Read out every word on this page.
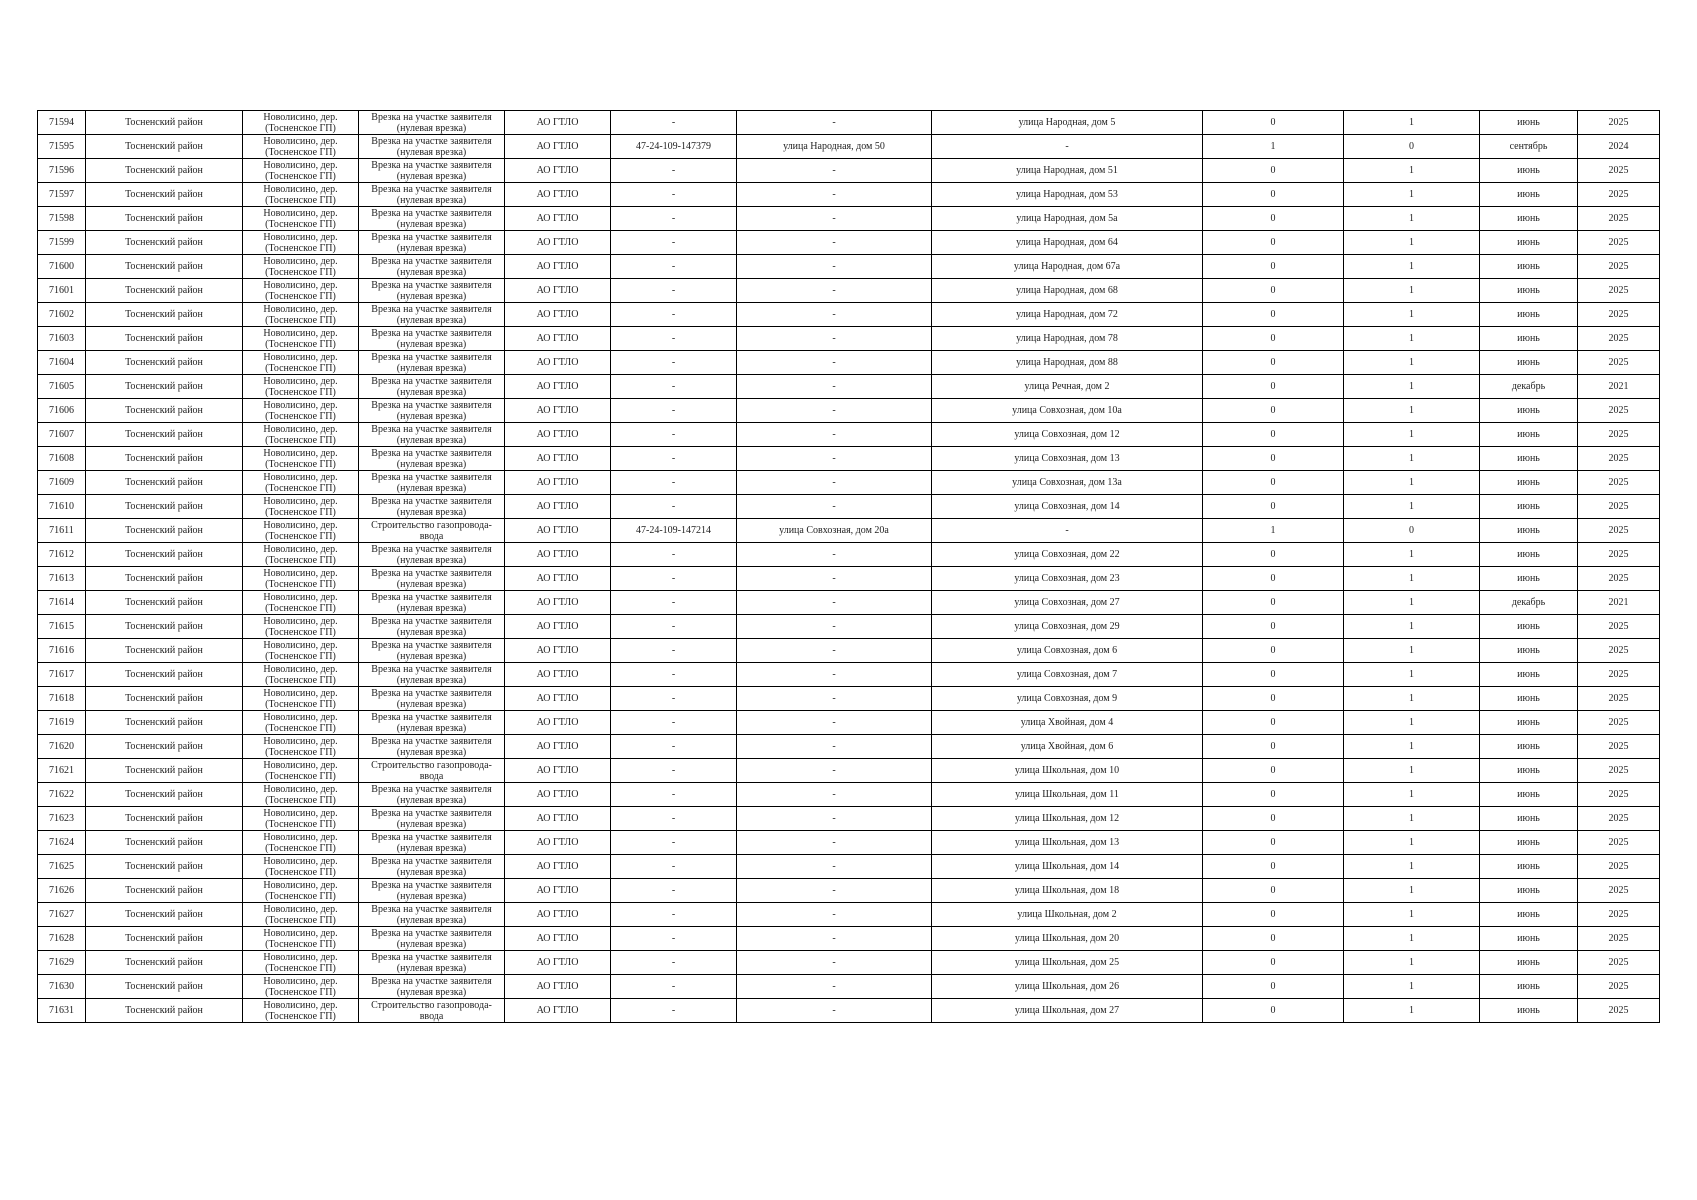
71594	Тосненский район	Новолисино, дер. (Тосненское ГП)	Врезка на участке заявителя (нулевая врезка)	АО ГТЛО	-	-	улица Народная, дом 5	0	1	июнь	2025
71595	Тосненский район	Новолисино, дер. (Тосненское ГП)	Врезка на участке заявителя (нулевая врезка)	АО ГТЛО	47-24-109-147379	улица Народная, дом 50	-	1	0	сентябрь	2024
71596	Тосненский район	Новолисино, дер. (Тосненское ГП)	Врезка на участке заявителя (нулевая врезка)	АО ГТЛО	-	-	улица Народная, дом 51	0	1	июнь	2025
71597	Тосненский район	Новолисино, дер. (Тосненское ГП)	Врезка на участке заявителя (нулевая врезка)	АО ГТЛО	-	-	улица Народная, дом 53	0	1	июнь	2025
71598	Тосненский район	Новолисино, дер. (Тосненское ГП)	Врезка на участке заявителя (нулевая врезка)	АО ГТЛО	-	-	улица Народная, дом 5а	0	1	июнь	2025
71599	Тосненский район	Новолисино, дер. (Тосненское ГП)	Врезка на участке заявителя (нулевая врезка)	АО ГТЛО	-	-	улица Народная, дом 64	0	1	июнь	2025
71600	Тосненский район	Новолисино, дер. (Тосненское ГП)	Врезка на участке заявителя (нулевая врезка)	АО ГТЛО	-	-	улица Народная, дом 67а	0	1	июнь	2025
71601	Тосненский район	Новолисино, дер. (Тосненское ГП)	Врезка на участке заявителя (нулевая врезка)	АО ГТЛО	-	-	улица Народная, дом 68	0	1	июнь	2025
71602	Тосненский район	Новолисино, дер. (Тосненское ГП)	Врезка на участке заявителя (нулевая врезка)	АО ГТЛО	-	-	улица Народная, дом 72	0	1	июнь	2025
71603	Тосненский район	Новолисино, дер. (Тосненское ГП)	Врезка на участке заявителя (нулевая врезка)	АО ГТЛО	-	-	улица Народная, дом 78	0	1	июнь	2025
71604	Тосненский район	Новолисино, дер. (Тосненское ГП)	Врезка на участке заявителя (нулевая врезка)	АО ГТЛО	-	-	улица Народная, дом 88	0	1	июнь	2025
71605	Тосненский район	Новолисино, дер. (Тосненское ГП)	Врезка на участке заявителя (нулевая врезка)	АО ГТЛО	-	-	улица Речная, дом 2	0	1	декабрь	2021
71606	Тосненский район	Новолисино, дер. (Тосненское ГП)	Врезка на участке заявителя (нулевая врезка)	АО ГТЛО	-	-	улица Совхозная, дом 10а	0	1	июнь	2025
71607	Тосненский район	Новолисино, дер. (Тосненское ГП)	Врезка на участке заявителя (нулевая врезка)	АО ГТЛО	-	-	улица Совхозная, дом 12	0	1	июнь	2025
71608	Тосненский район	Новолисино, дер. (Тосненское ГП)	Врезка на участке заявителя (нулевая врезка)	АО ГТЛО	-	-	улица Совхозная, дом 13	0	1	июнь	2025
71609	Тосненский район	Новолисино, дер. (Тосненское ГП)	Врезка на участке заявителя (нулевая врезка)	АО ГТЛО	-	-	улица Совхозная, дом 13а	0	1	июнь	2025
71610	Тосненский район	Новолисино, дер. (Тосненское ГП)	Врезка на участке заявителя (нулевая врезка)	АО ГТЛО	-	-	улица Совхозная, дом 14	0	1	июнь	2025
71611	Тосненский район	Новолисино, дер. (Тосненское ГП)	Строительство газопровода-ввода	АО ГТЛО	47-24-109-147214	улица Совхозная, дом 20а	-	1	0	июнь	2025
71612	Тосненский район	Новолисино, дер. (Тосненское ГП)	Врезка на участке заявителя (нулевая врезка)	АО ГТЛО	-	-	улица Совхозная, дом 22	0	1	июнь	2025
71613	Тосненский район	Новолисино, дер. (Тосненское ГП)	Врезка на участке заявителя (нулевая врезка)	АО ГТЛО	-	-	улица Совхозная, дом 23	0	1	июнь	2025
71614	Тосненский район	Новолисино, дер. (Тосненское ГП)	Врезка на участке заявителя (нулевая врезка)	АО ГТЛО	-	-	улица Совхозная, дом 27	0	1	декабрь	2021
71615	Тосненский район	Новолисино, дер. (Тосненское ГП)	Врезка на участке заявителя (нулевая врезка)	АО ГТЛО	-	-	улица Совхозная, дом 29	0	1	июнь	2025
71616	Тосненский район	Новолисино, дер. (Тосненское ГП)	Врезка на участке заявителя (нулевая врезка)	АО ГТЛО	-	-	улица Совхозная, дом 6	0	1	июнь	2025
71617	Тосненский район	Новолисино, дер. (Тосненское ГП)	Врезка на участке заявителя (нулевая врезка)	АО ГТЛО	-	-	улица Совхозная, дом 7	0	1	июнь	2025
71618	Тосненский район	Новолисино, дер. (Тосненское ГП)	Врезка на участке заявителя (нулевая врезка)	АО ГТЛО	-	-	улица Совхозная, дом 9	0	1	июнь	2025
71619	Тосненский район	Новолисино, дер. (Тосненское ГП)	Врезка на участке заявителя (нулевая врезка)	АО ГТЛО	-	-	улица Хвойная, дом 4	0	1	июнь	2025
71620	Тосненский район	Новолисино, дер. (Тосненское ГП)	Врезка на участке заявителя (нулевая врезка)	АО ГТЛО	-	-	улица Хвойная, дом 6	0	1	июнь	2025
71621	Тосненский район	Новолисино, дер. (Тосненское ГП)	Строительство газопровода-ввода	АО ГТЛО	-	-	улица Школьная, дом 10	0	1	июнь	2025
71622	Тосненский район	Новолисино, дер. (Тосненское ГП)	Врезка на участке заявителя (нулевая врезка)	АО ГТЛО	-	-	улица Школьная, дом 11	0	1	июнь	2025
71623	Тосненский район	Новолисино, дер. (Тосненское ГП)	Врезка на участке заявителя (нулевая врезка)	АО ГТЛО	-	-	улица Школьная, дом 12	0	1	июнь	2025
71624	Тосненский район	Новолисино, дер. (Тосненское ГП)	Врезка на участке заявителя (нулевая врезка)	АО ГТЛО	-	-	улица Школьная, дом 13	0	1	июнь	2025
71625	Тосненский район	Новолисино, дер. (Тосненское ГП)	Врезка на участке заявителя (нулевая врезка)	АО ГТЛО	-	-	улица Школьная, дом 14	0	1	июнь	2025
71626	Тосненский район	Новолисино, дер. (Тосненское ГП)	Врезка на участке заявителя (нулевая врезка)	АО ГТЛО	-	-	улица Школьная, дом 18	0	1	июнь	2025
71627	Тосненский район	Новолисино, дер. (Тосненское ГП)	Врезка на участке заявителя (нулевая врезка)	АО ГТЛО	-	-	улица Школьная, дом 2	0	1	июнь	2025
71628	Тосненский район	Новолисино, дер. (Тосненское ГП)	Врезка на участке заявителя (нулевая врезка)	АО ГТЛО	-	-	улица Школьная, дом 20	0	1	июнь	2025
71629	Тосненский район	Новолисино, дер. (Тосненское ГП)	Врезка на участке заявителя (нулевая врезка)	АО ГТЛО	-	-	улица Школьная, дом 25	0	1	июнь	2025
71630	Тосненский район	Новолисино, дер. (Тосненское ГП)	Врезка на участке заявителя (нулевая врезка)	АО ГТЛО	-	-	улица Школьная, дом 26	0	1	июнь	2025
71631	Тосненский район	Новолисино, дер. (Тосненское ГП)	Строительство газопровода-ввода	АО ГТЛО	-	-	улица Школьная, дом 27	0	1	июнь	2025
